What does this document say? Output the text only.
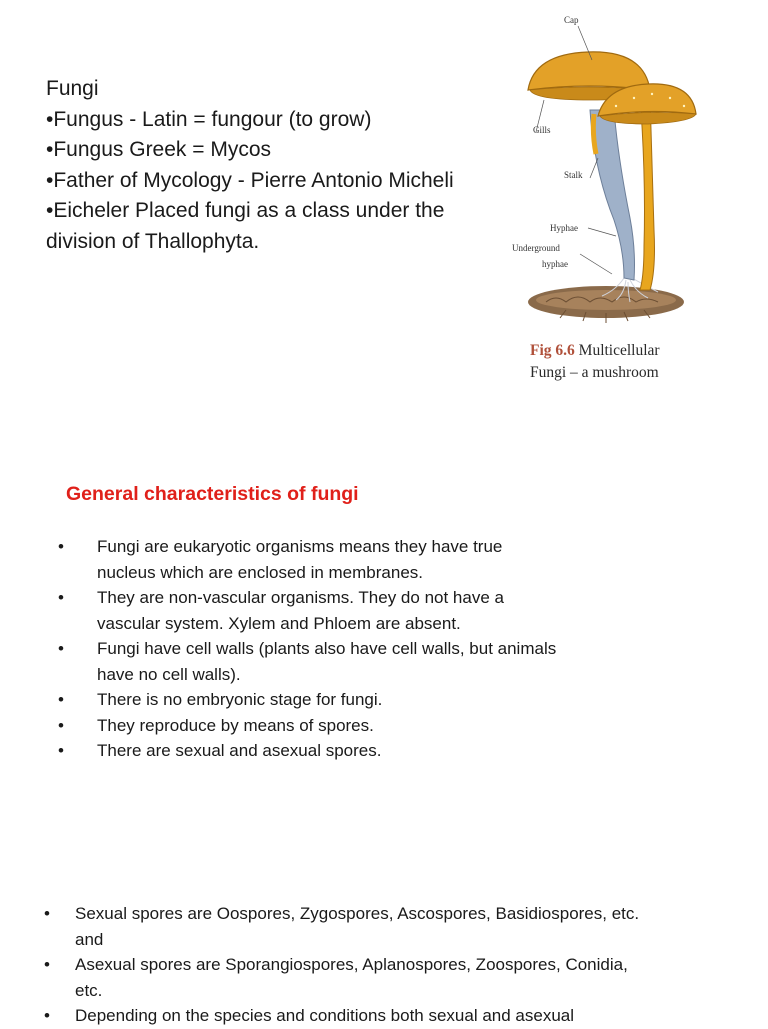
Fungi
•Fungus - Latin = fungour (to grow)
•Fungus Greek = Mycos
•Father of Mycology - Pierre Antonio Micheli
•Eicheler Placed fungi as a class under the
division of Thallophyta.
Cap
Gills
Stalk
Hyphae
Underground
hyphae
Fig 6.6 Multicellular
Fungi – a mushroom
General characteristics of fungi
• Fungi are eukaryotic organisms means they have true
nucleus which are enclosed in membranes.
• They are non-vascular organisms. They do not have a
vascular system. Xylem and Phloem are absent.
• Fungi have cell walls (plants also have cell walls, but animals
have no cell walls).
• There is no embryonic stage for fungi.
• They reproduce by means of spores.
• There are sexual and asexual spores.
• Sexual spores are Oospores, Zygospores, Ascospores, Basidiospores, etc.
and
• Asexual spores are Sporangiospores, Aplanospores, Zoospores, Conidia,
etc.
• Depending on the species and conditions both sexual and asexual
